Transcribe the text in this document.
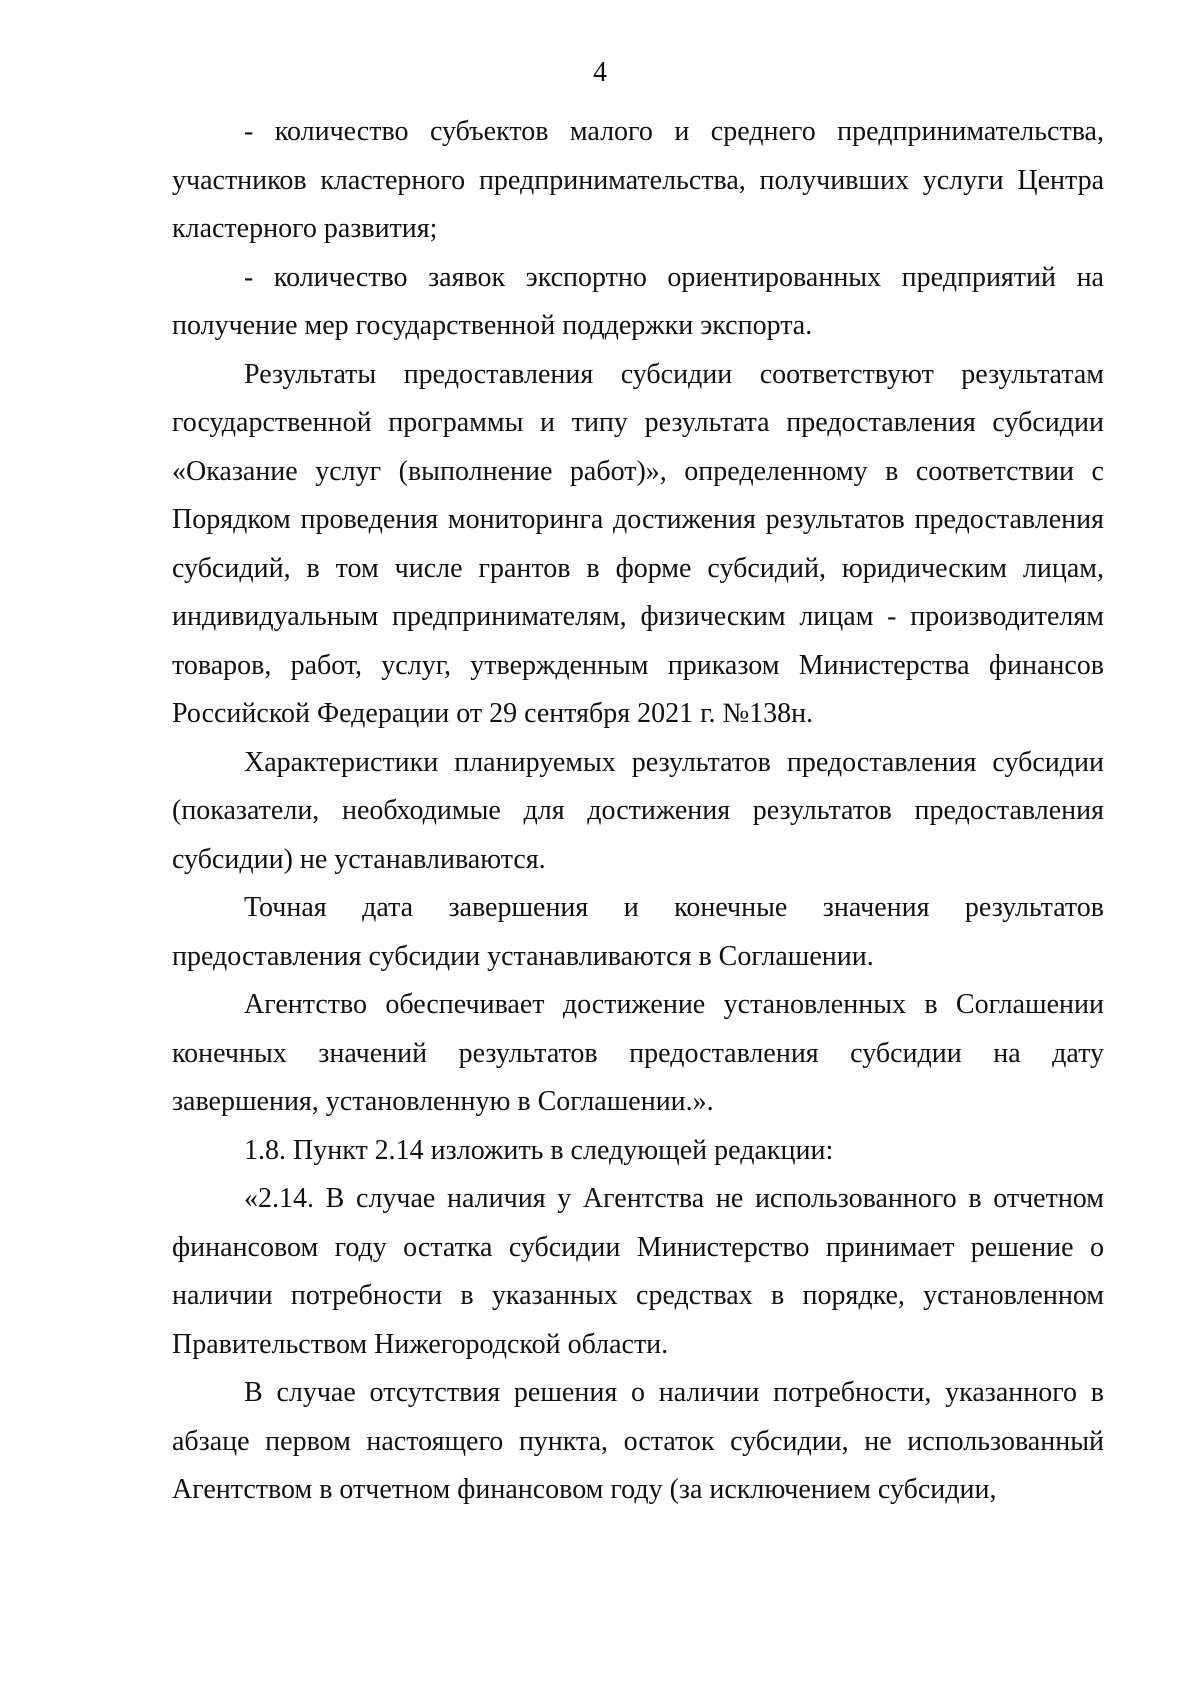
4

- количество субъектов малого и среднего предпринимательства, участников кластерного предпринимательства, получивших услуги Центра кластерного развития;

- количество заявок экспортно ориентированных предприятий на получение мер государственной поддержки экспорта.

Результаты предоставления субсидии соответствуют результатам государственной программы и типу результата предоставления субсидии «Оказание услуг (выполнение работ)», определенному в соответствии с Порядком проведения мониторинга достижения результатов предоставления субсидий, в том числе грантов в форме субсидий, юридическим лицам, индивидуальным предпринимателям, физическим лицам - производителям товаров, работ, услуг, утвержденным приказом Министерства финансов Российской Федерации от 29 сентября 2021 г. №138н.

Характеристики планируемых результатов предоставления субсидии (показатели, необходимые для достижения результатов предоставления субсидии) не устанавливаются.

Точная дата завершения и конечные значения результатов предоставления субсидии устанавливаются в Соглашении.

Агентство обеспечивает достижение установленных в Соглашении конечных значений результатов предоставления субсидии на дату завершения, установленную в Соглашении.».

1.8. Пункт 2.14 изложить в следующей редакции:

«2.14. В случае наличия у Агентства не использованного в отчетном финансовом году остатка субсидии Министерство принимает решение о наличии потребности в указанных средствах в порядке, установленном Правительством Нижегородской области.

В случае отсутствия решения о наличии потребности, указанного в абзаце первом настоящего пункта, остаток субсидии, не использованный Агентством в отчетном финансовом году (за исключением субсидии,
